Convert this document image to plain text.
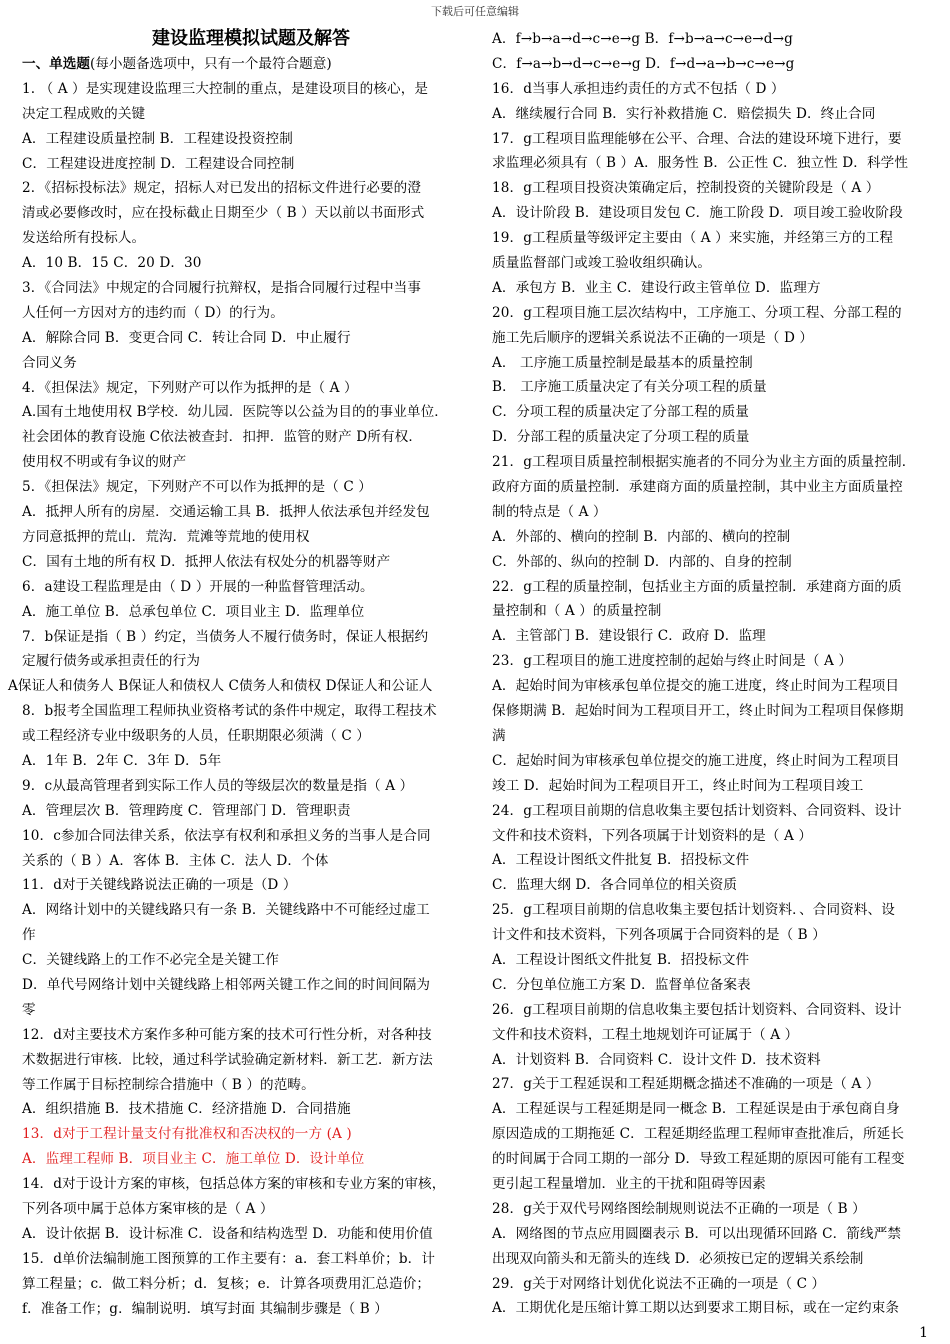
下载后可任意编辑
建设监理模拟试题及解答
一、单选题(每小题备选项中，只有一个最符合题意)
1. （ A ）是实现建设监理三大控制的重点，是建设项目的核心，是
决定工程成败的关键
A．工程建设质量控制 B．工程建设投资控制
C．工程建设进度控制 D．工程建设合同控制
2．《招标投标法》规定，招标人对已发出的招标文件进行必要的澄
清或必要修改时，应在投标截止日期至少（ B ）天以前以书面形式
发送给所有投标人。
A．10 B．15 C．20 D．30
3．《合同法》中规定的合同履行抗辩权，是指合同履行过程中当事
人任何一方因对方的违约而（ D）的行为。
A．解除合同 B．变更合同 C．转让合同 D．中止履行
合同义务
4．《担保法》规定，下列财产可以作为抵押的是（ A ）
A.国有土地使用权 B学校．幼儿园．医院等以公益为目的的事业单位．
社会团体的教育设施 C依法被查封．扣押．监管的财产 D所有权．
使用权不明或有争议的财产
5．《担保法》规定，下列财产不可以作为抵押的是（ C ）
A．抵押人所有的房屋．交通运输工具 B．抵押人依法承包并经发包
方同意抵押的荒山．荒沟．荒滩等荒地的使用权
C．国有土地的所有权 D．抵押人依法有权处分的机器等财产
6．a建设工程监理是由（ D ）开展的一种监督管理活动。
A．施工单位 B．总承包单位 C．项目业主 D．监理单位
7．b保证是指（ B ）约定，当债务人不履行债务时，保证人根据约
定履行债务或承担责任的行为
A保证人和债务人 B保证人和债权人 C债务人和债权 D保证人和公证人
8．b报考全国监理工程师执业资格考试的条件中规定，取得工程技术
或工程经济专业中级职务的人员，任职期限必须满（ C ）
A．1年 B．2年 C．3年 D．5年
9．c从最高管理者到实际工作人员的等级层次的数量是指（ A ）
A．管理层次 B．管理跨度 C．管理部门 D．管理职责
10．c参加合同法律关系，依法享有权利和承担义务的当事人是合同
关系的（ B ）A．客体 B．主体 C．法人 D．个体
11．d对于关键线路说法正确的一项是（D ）
A．网络计划中的关键线路只有一条 B．关键线路中不可能经过虚工
作
C．关键线路上的工作不必完全是关键工作
D．单代号网络计划中关键线路上相邻两关键工作之间的时间间隔为
零
12．d对主要技术方案作多种可能方案的技术可行性分析，对各种技
术数据进行审核．比较，通过科学试验确定新材料．新工艺．新方法
等工作属于目标控制综合措施中（ B ）的范畴。
A．组织措施 B．技术措施 C．经济措施 D．合同措施
13．d对于工程计量支付有批准权和否决权的一方 (A )
A．监理工程师 B．项目业主 C．施工单位 D．设计单位
14．d对于设计方案的审核，包括总体方案的审核和专业方案的审核，
下列各项中属于总体方案审核的是（ A ）
A．设计依据 B．设计标准 C．设备和结构选型 D．功能和使用价值
15．d单价法编制施工图预算的工作主要有：a．套工料单价；b．计
算工程量；c．做工料分析；d．复核；e．计算各项费用汇总造价；
f．准备工作；g．编制说明．填写封面 其编制步骤是（ B ）
A．f→b→a→d→c→e→g B．f→b→a→c→e→d→g
C．f→a→b→d→c→e→g D．f→d→a→b→c→e→g
16．d当事人承担违约责任的方式不包括（ D ）
A．继续履行合同 B．实行补救措施 C．赔偿损失 D．终止合同
17．g工程项目监理能够在公平、合理、合法的建设环境下进行，要
求监理必须具有（ B ）A．服务性 B．公正性 C．独立性 D．科学性
18．g工程项目投资决策确定后，控制投资的关键阶段是（ A ）
A．设计阶段 B．建设项目发包 C．施工阶段 D．项目竣工验收阶段
19．g工程质量等级评定主要由（ A ）来实施，并经第三方的工程
质量监督部门或竣工验收组织确认。
A．承包方 B．业主 C．建设行政主管单位 D．监理方
20．g工程项目施工层次结构中，工序施工、分项工程、分部工程的
施工先后顺序的逻辑关系说法不正确的一项是（ D ）
A． 工序施工质量控制是最基本的质量控制
B． 工序施工质量决定了有关分项工程的质量
C．分项工程的质量决定了分部工程的质量
D．分部工程的质量决定了分项工程的质量
21．g工程项目质量控制根据实施者的不同分为业主方面的质量控制．
政府方面的质量控制．承建商方面的质量控制，其中业主方面质量控
制的特点是（ A ）
A．外部的、横向的控制 B．内部的、横向的控制
C．外部的、纵向的控制 D．内部的、自身的控制
22．g工程的质量控制，包括业主方面的质量控制．承建商方面的质
量控制和（ A ）的质量控制
A．主管部门 B．建设银行 C．政府 D．监理
23．g工程项目的施工进度控制的起始与终止时间是（ A ）
A．起始时间为审核承包单位提交的施工进度，终止时间为工程项目
保修期满 B．起始时间为工程项目开工，终止时间为工程项目保修期
满
C．起始时间为审核承包单位提交的施工进度，终止时间为工程项目
竣工 D．起始时间为工程项目开工，终止时间为工程项目竣工
24．g工程项目前期的信息收集主要包括计划资料、合同资料、设计
文件和技术资料，下列各项属于计划资料的是（ A ）
A．工程设计图纸文件批复 B．招投标文件
C．监理大纲 D．各合同单位的相关资质
25．g工程项目前期的信息收集主要包括计划资料．、合同资料、设
计文件和技术资料，下列各项属于合同资料的是（ B ）
A．工程设计图纸文件批复 B．招投标文件
C．分包单位施工方案 D．监督单位备案表
26．g工程项目前期的信息收集主要包括计划资料、合同资料、设计
文件和技术资料，工程土地规划许可证属于（ A ）
A．计划资料 B．合同资料 C．设计文件 D．技术资料
27．g关于工程延误和工程延期概念描述不准确的一项是（ A ）
A．工程延误与工程延期是同一概念 B．工程延误是由于承包商自身
原因造成的工期拖延 C．工程延期经监理工程师审查批准后，所延长
的时间属于合同工期的一部分 D．导致工程延期的原因可能有工程变
更引起工程量增加．业主的干扰和阻碍等因素
28．g关于双代号网络图绘制规则说法不正确的一项是（ B ）
A．网络图的节点应用圆圈表示 B．可以出现循环回路 C．箭线严禁
出现双向箭头和无箭头的连线 D．必须按已定的逻辑关系绘制
29．g关于对网络计划优化说法不正确的一项是（ C ）
A．工期优化是压缩计算工期以达到要求工期目标，或在一定约束条
1
